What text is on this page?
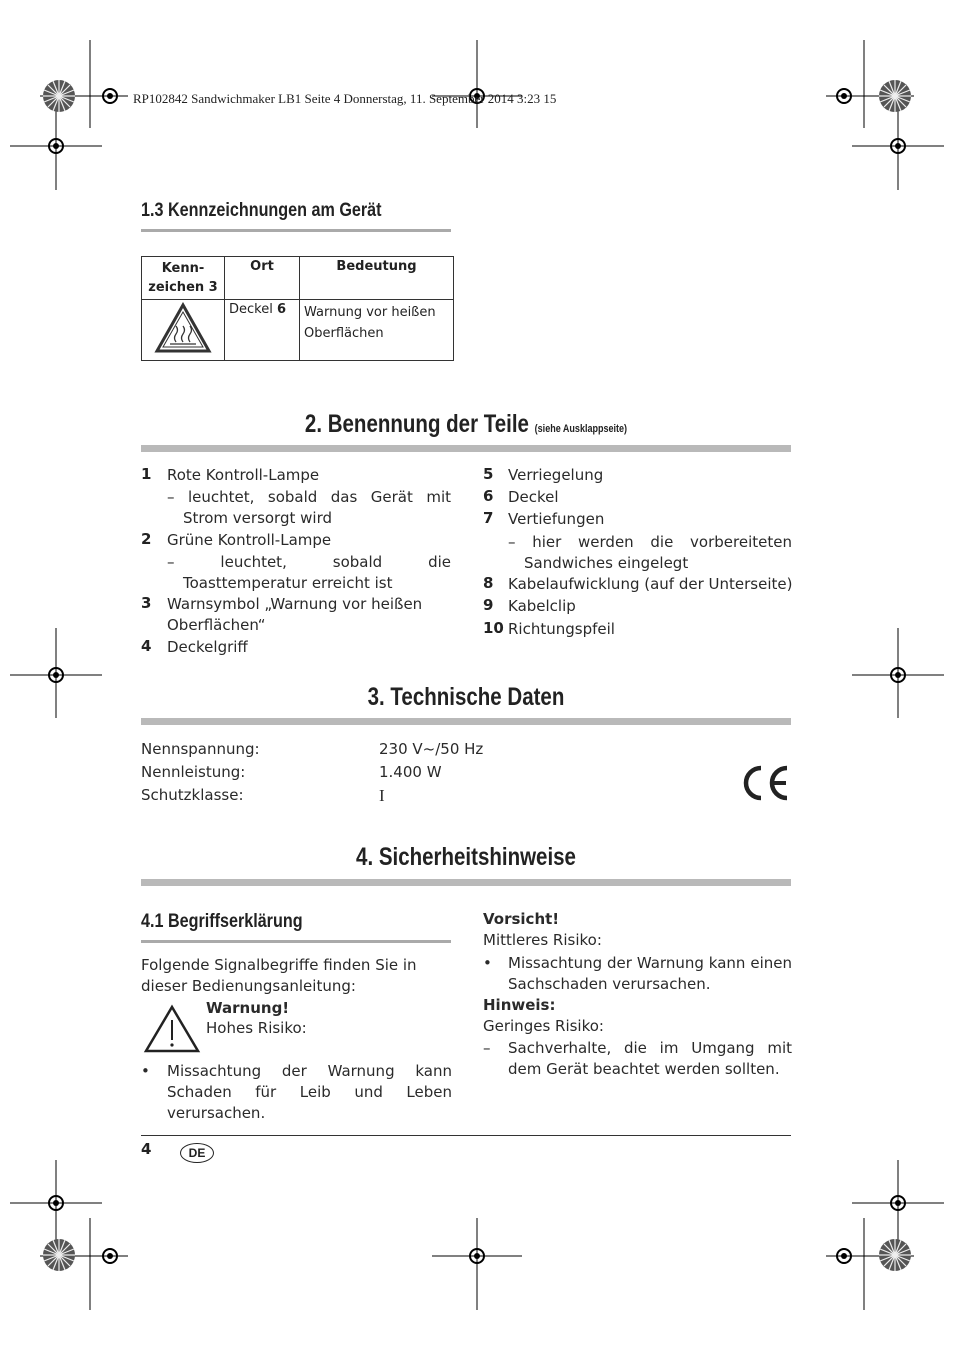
RP102842 Sandwichmaker LB1 Seite 4 Donnerstag, 11. September 2014 3:23 15
1.3 Kennzeichnungen am Gerät
Kenn-
zeichen 3	Ort	Bedeutung
	Deckel 6	Warnung vor heißen Oberflächen
2. Benennung der Teile (siehe Ausklappseite)
1 Rote Kontroll-Lampe
– leuchtet, sobald das Gerät mit Strom versorgt wird
2 Grüne Kontroll-Lampe
– leuchtet, sobald die Toasttemperatur erreicht ist
3 Warnsymbol „Warnung vor heißen Oberflächen“
4 Deckelgriff
5 Verriegelung
6 Deckel
7 Vertiefungen
– hier werden die vorbereiteten Sandwiches eingelegt
8 Kabelaufwicklung (auf der Unterseite)
9 Kabelclip
10 Richtungspfeil
3. Technische Daten
Nennspannung:	230 V~/50 Hz
Nennleistung:	1.400 W
Schutzklasse:	I
4. Sicherheitshinweise
4.1 Begriffserklärung
Folgende Signalbegriffe finden Sie in dieser Bedienungsanleitung:
Warnung!
Hohes Risiko:
• Missachtung der Warnung kann Schaden für Leib und Leben verursachen.
Vorsicht!
Mittleres Risiko:
• Missachtung der Warnung kann einen Sachschaden verursachen.
Hinweis:
Geringes Risiko:
– Sachverhalte, die im Umgang mit dem Gerät beachtet werden sollten.
4	DE
